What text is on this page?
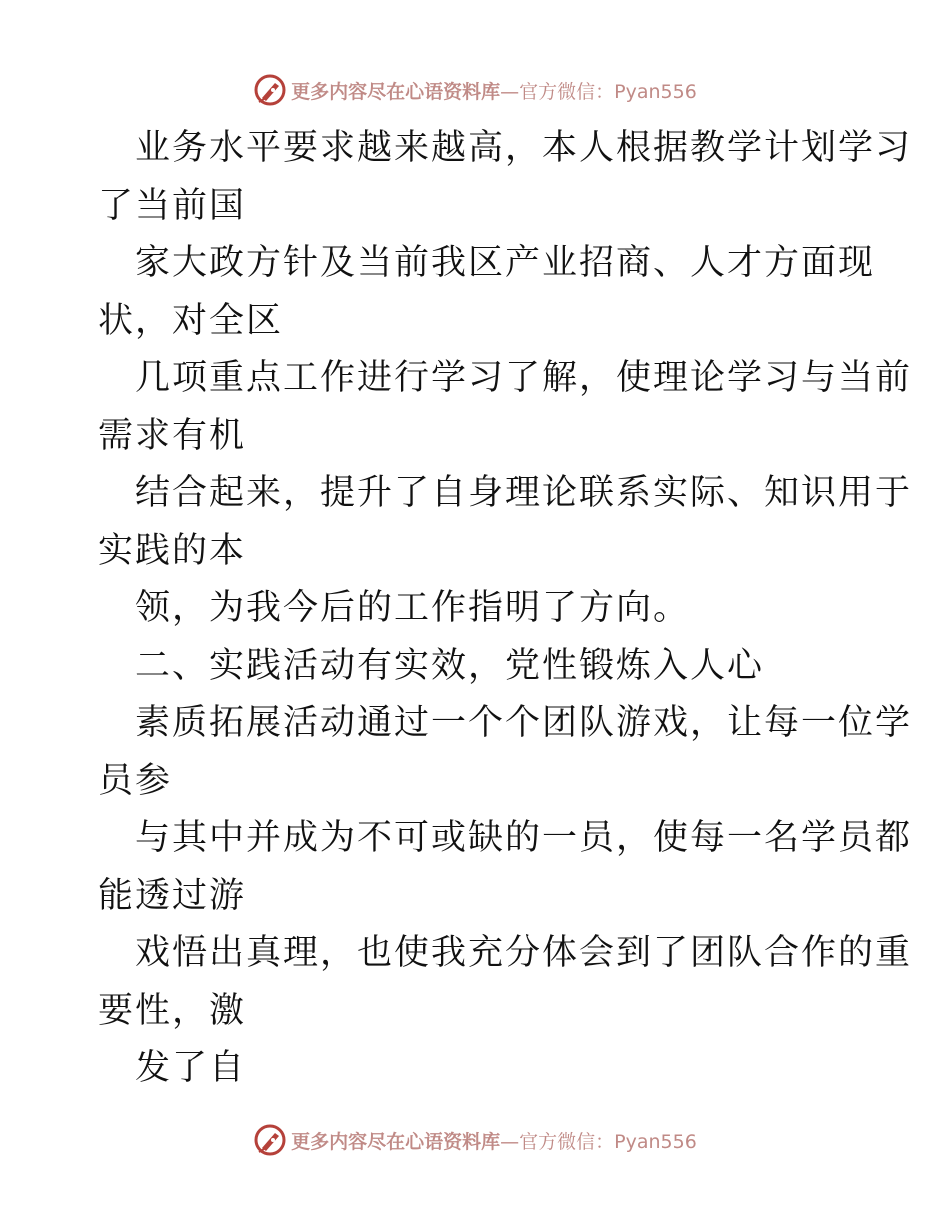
更多内容尽在心语资料库 —官方微信：Pyan556
业务水平要求越来越高，本人根据教学计划学习
了当前国
家大政方针及当前我区产业招商、人才方面现
状，对全区
几项重点工作进行学习了解，使理论学习与当前
需求有机
结合起来，提升了自身理论联系实际、知识用于
实践的本
领，为我今后的工作指明了方向。
二、实践活动有实效，党性锻炼入人心
素质拓展活动通过一个个团队游戏，让每一位学
员参
与其中并成为不可或缺的一员，使每一名学员都
能透过游
戏悟出真理，也使我充分体会到了团队合作的重
要性，激
发了自
更多内容尽在心语资料库 —官方微信：Pyan556
